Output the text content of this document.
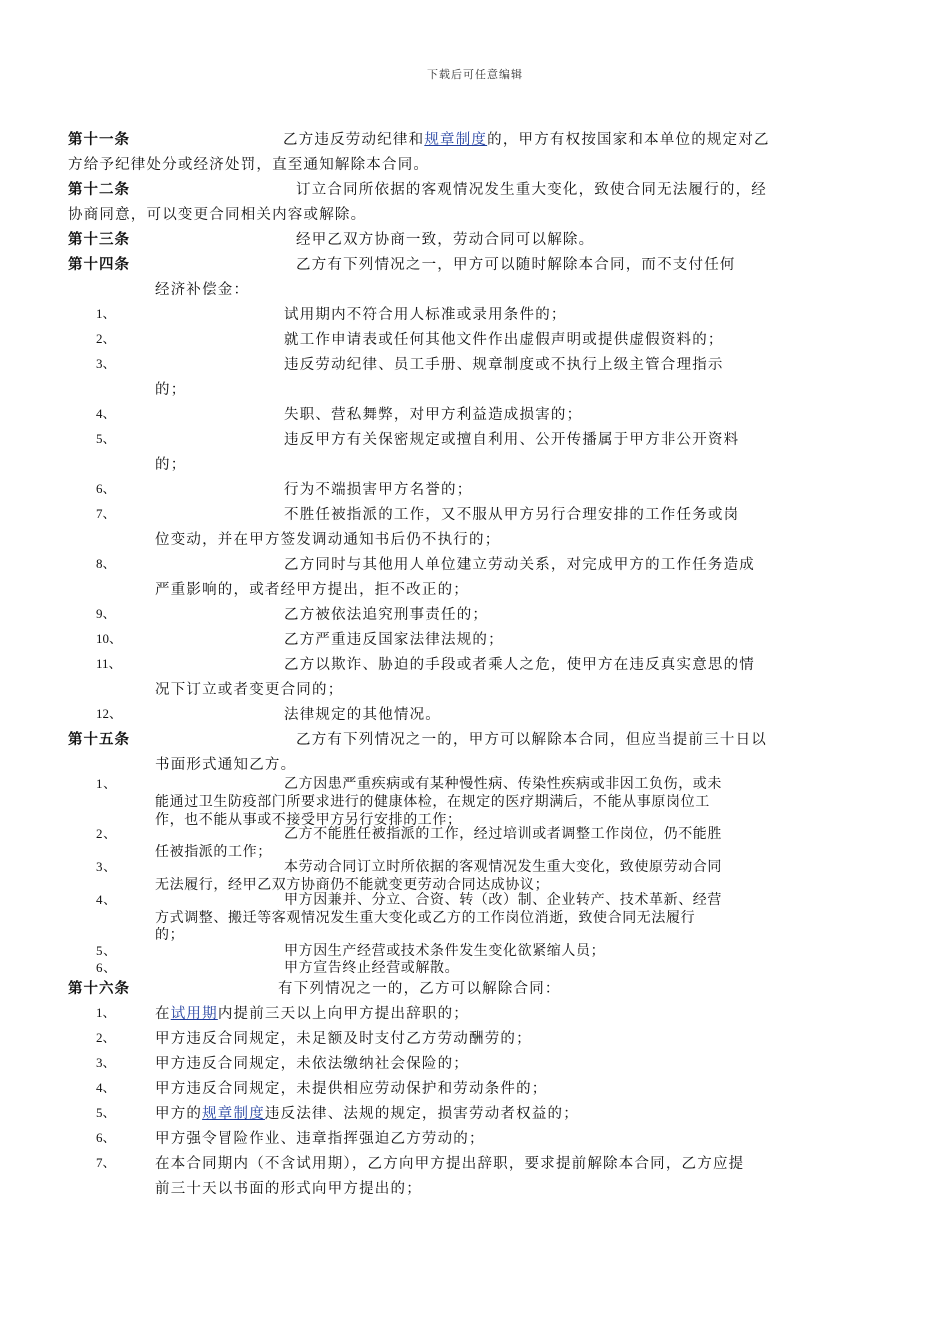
下载后可任意编辑
第十一条	乙方违反劳动纪律和规章制度的，甲方有权按国家和本单位的规定对乙
方给予纪律处分或经济处罚，直至通知解除本合同。
第十二条	订立合同所依据的客观情况发生重大变化，致使合同无法履行的，经
协商同意，可以变更合同相关内容或解除。
第十三条	经甲乙双方协商一致，劳动合同可以解除。
第十四条	乙方有下列情况之一，甲方可以随时解除本合同，而不支付任何
经济补偿金：
1、	试用期内不符合用人标准或录用条件的；
2、	就工作申请表或任何其他文件作出虚假声明或提供虚假资料的；
3、	违反劳动纪律、员工手册、规章制度或不执行上级主管合理指示
的；
4、	失职、营私舞弊，对甲方利益造成损害的；
5、	违反甲方有关保密规定或擅自利用、公开传播属于甲方非公开资料
的；
6、	行为不端损害甲方名誉的；
7、	不胜任被指派的工作，又不服从甲方另行合理安排的工作任务或岗
位变动，并在甲方签发调动通知书后仍不执行的；
8、	乙方同时与其他用人单位建立劳动关系，对完成甲方的工作任务造成
严重影响的，或者经甲方提出，拒不改正的；
9、	乙方被依法追究刑事责任的；
10、	乙方严重违反国家法律法规的；
11、	乙方以欺诈、胁迫的手段或者乘人之危，使甲方在违反真实意思的情
况下订立或者变更合同的；
12、	法律规定的其他情况。
第十五条	乙方有下列情况之一的，甲方可以解除本合同，但应当提前三十日以
书面形式通知乙方。
1、	乙方因患严重疾病或有某种慢性病、传染性疾病或非因工负伤，或未
能通过卫生防疫部门所要求进行的健康体检，在规定的医疗期满后，不能从事原岗位工
作，也不能从事或不接受甲方另行安排的工作；
2、	乙方不能胜任被指派的工作，经过培训或者调整工作岗位，仍不能胜
任被指派的工作；
3、	本劳动合同订立时所依据的客观情况发生重大变化，致使原劳动合同
无法履行，经甲乙双方协商仍不能就变更劳动合同达成协议；
4、	甲方因兼并、分立、合资、转（改）制、企业转产、技术革新、经营
方式调整、搬迁等客观情况发生重大变化或乙方的工作岗位消逝，致使合同无法履行
的；
5、	甲方因生产经营或技术条件发生变化欲紧缩人员；
6、	甲方宣告终止经营或解散。
第十六条	有下列情况之一的，乙方可以解除合同：
1、	在试用期内提前三天以上向甲方提出辞职的；
2、	甲方违反合同规定，未足额及时支付乙方劳动酬劳的；
3、	甲方违反合同规定，未依法缴纳社会保险的；
4、	甲方违反合同规定，未提供相应劳动保护和劳动条件的；
5、	甲方的规章制度违反法律、法规的规定，损害劳动者权益的；
6、	甲方强令冒险作业、违章指挥强迫乙方劳动的；
7、	在本合同期内（不含试用期），乙方向甲方提出辞职，要求提前解除本合同，乙方应提
前三十天以书面的形式向甲方提出的；
